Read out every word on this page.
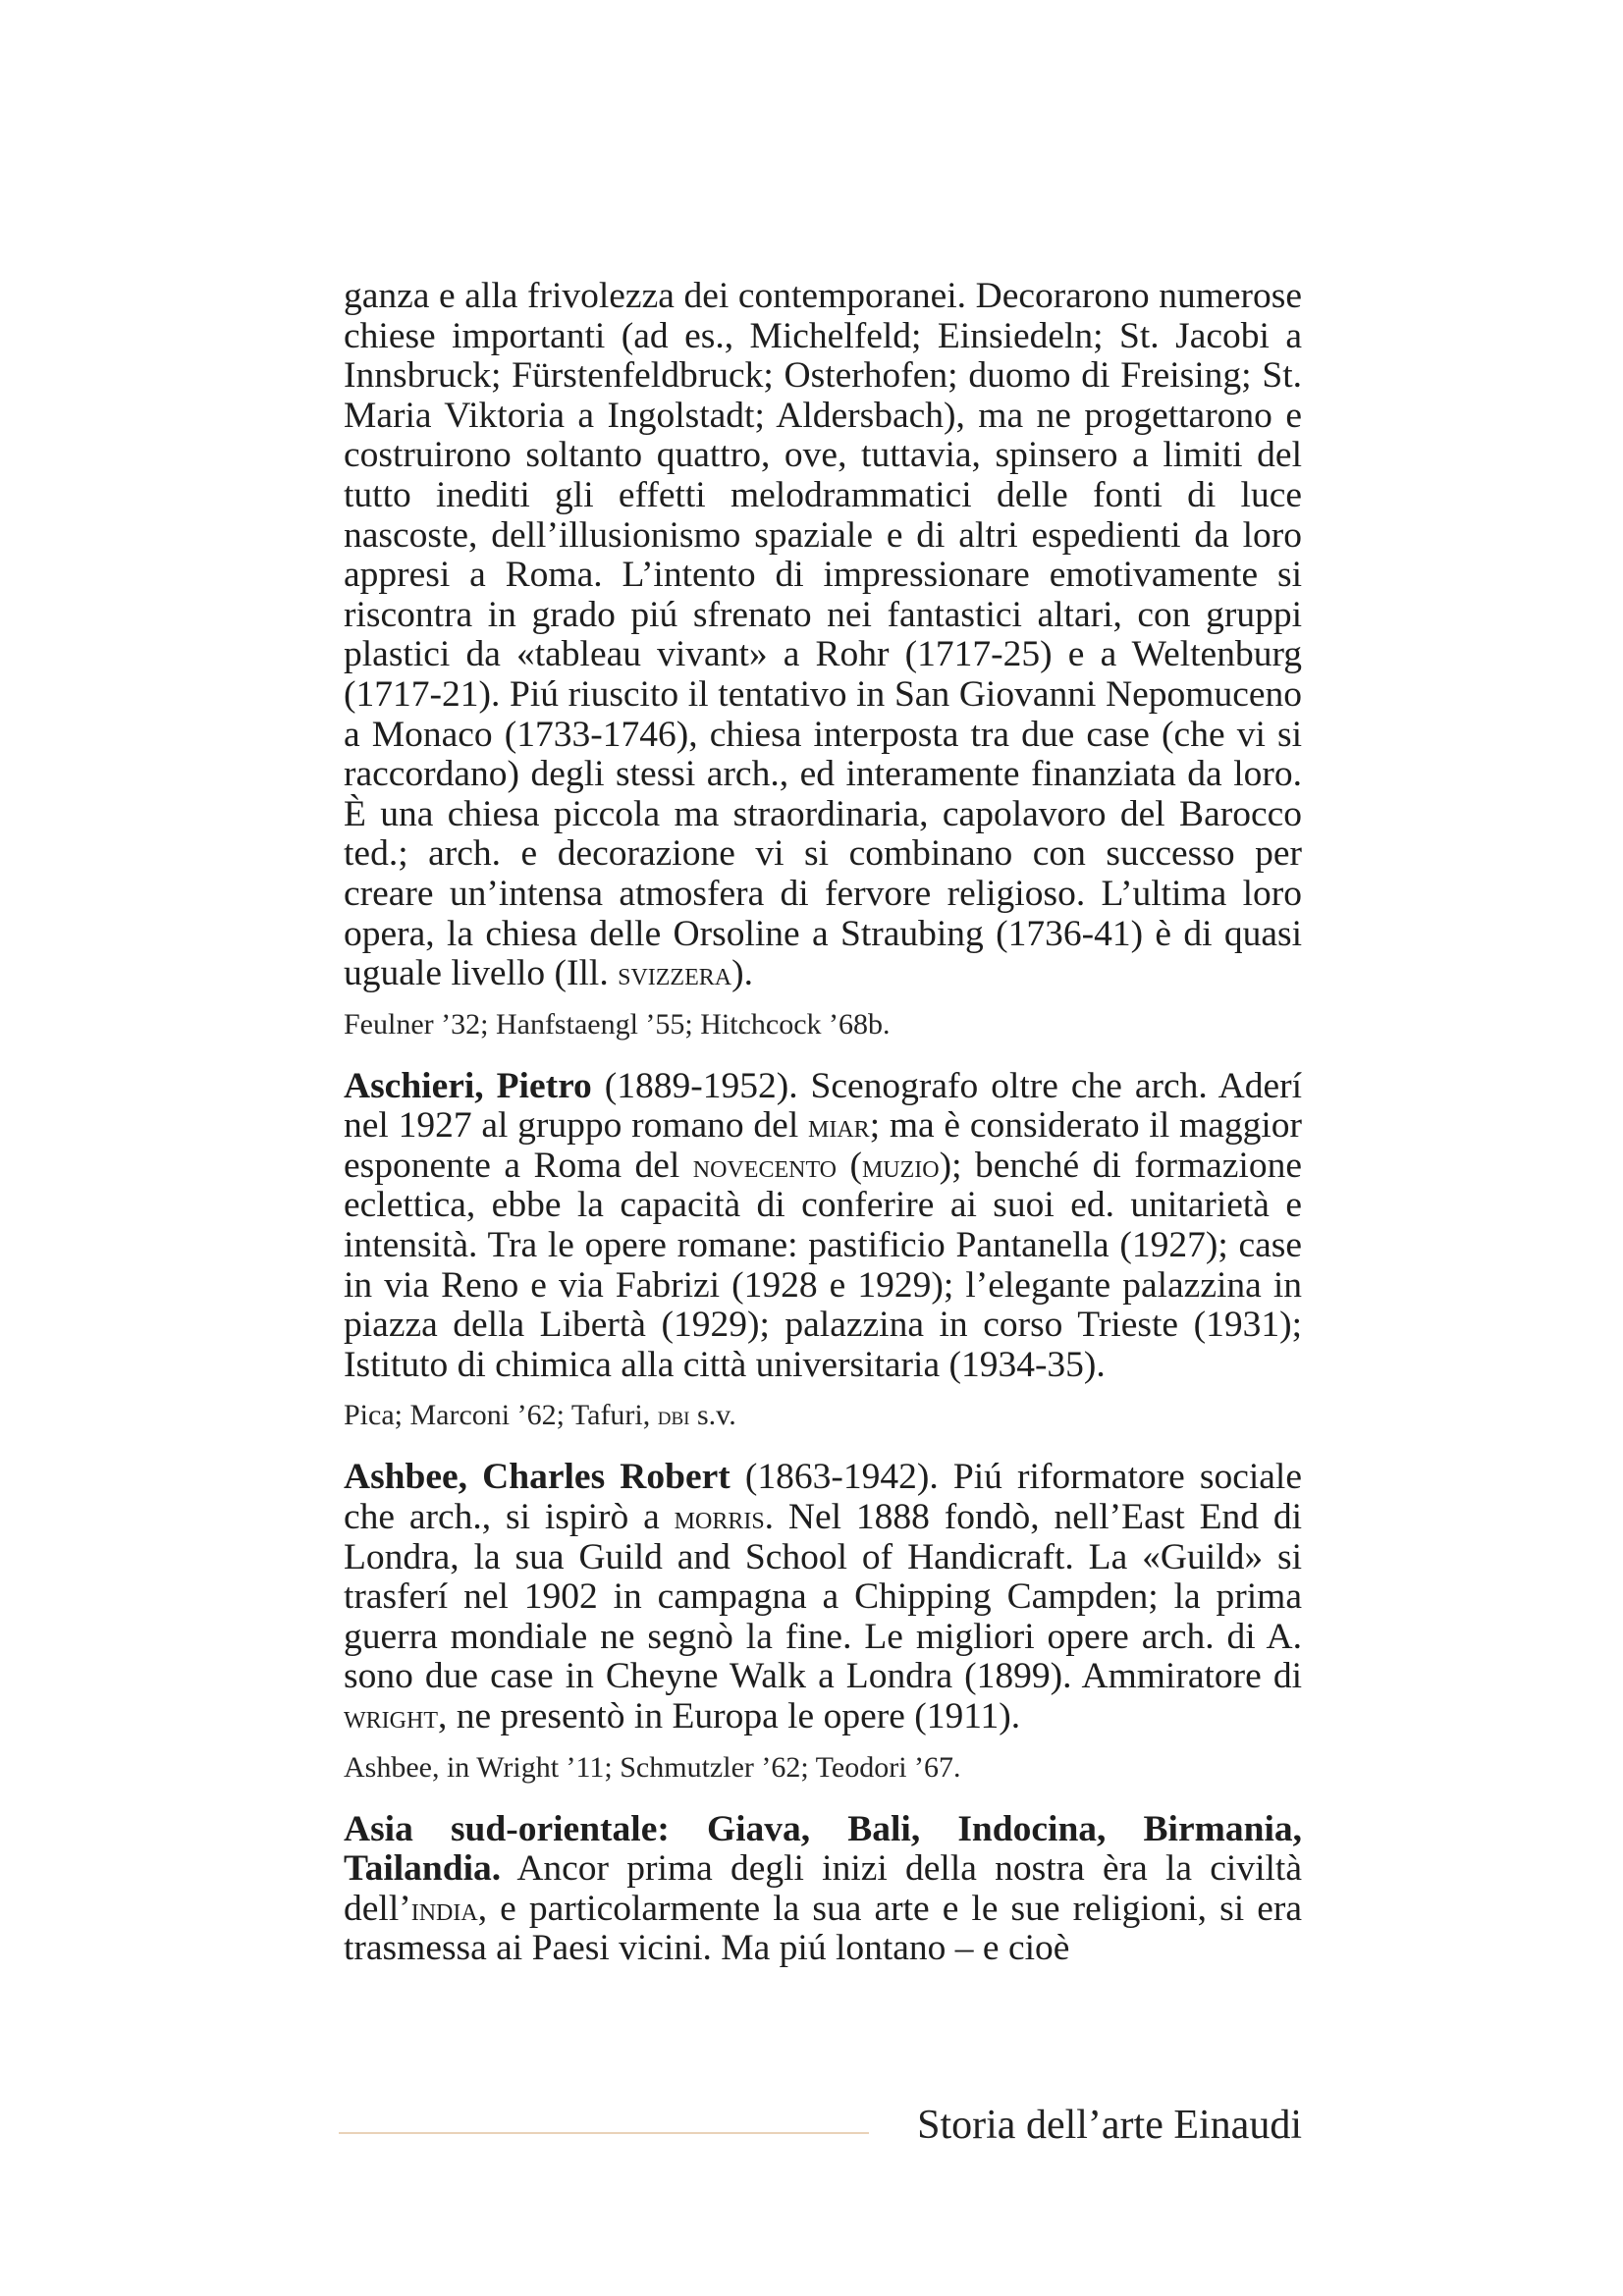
ganza e alla frivolezza dei contemporanei. Decorarono numerose chiese importanti (ad es., Michelfeld; Einsiedeln; St. Jacobi a Innsbruck; Fürstenfeldbruck; Osterhofen; duomo di Freising; St. Maria Viktoria a Ingolstadt; Aldersbach), ma ne progettarono e costruirono soltanto quattro, ove, tuttavia, spinsero a limiti del tutto inediti gli effetti melodrammatici delle fonti di luce nascoste, dell’illusionismo spaziale e di altri espedienti da loro appresi a Roma. L’intento di impressionare emotivamente si riscontra in grado piú sfrenato nei fantastici altari, con gruppi plastici da «tableau vivant» a Rohr (1717-25) e a Weltenburg (1717-21). Piú riuscito il tentativo in San Giovanni Nepomuceno a Monaco (1733-1746), chiesa interposta tra due case (che vi si raccordano) degli stessi arch., ed interamente finanziata da loro. È una chiesa piccola ma straordinaria, capolavoro del Barocco ted.; arch. e decorazione vi si combinano con successo per creare un’intensa atmosfera di fervore religioso. L’ultima loro opera, la chiesa delle Orsoline a Straubing (1736-41) è di quasi uguale livello (Ill. svizzera).

Feulner ’32; Hanfstaengl ’55; Hitchcock ’68b.

Aschieri, Pietro (1889-1952). Scenografo oltre che arch. Aderí nel 1927 al gruppo romano del miar; ma è considerato il maggior esponente a Roma del novecento (muzio); benché di formazione eclettica, ebbe la capacità di conferire ai suoi ed. unitarietà e intensità. Tra le opere romane: pastificio Pantanella (1927); case in via Reno e via Fabrizi (1928 e 1929); l’elegante palazzina in piazza della Libertà (1929); palazzina in corso Trieste (1931); Istituto di chimica alla città universitaria (1934-35).

Pica; Marconi ’62; Tafuri, dbi s.v.

Ashbee, Charles Robert (1863-1942). Piú riformatore sociale che arch., si ispirò a morris. Nel 1888 fondò, nell’East End di Londra, la sua Guild and School of Handicraft. La «Guild» si trasferí nel 1902 in campagna a Chipping Campden; la prima guerra mondiale ne segnò la fine. Le migliori opere arch. di A. sono due case in Cheyne Walk a Londra (1899). Ammiratore di wright, ne presentò in Europa le opere (1911).

Ashbee, in Wright ’11; Schmutzler ’62; Teodori ’67.

Asia sud-orientale: Giava, Bali, Indocina, Birmania, Tailandia. Ancor prima degli inizi della nostra èra la civiltà dell’india, e particolarmente la sua arte e le sue religioni, si era trasmessa ai Paesi vicini. Ma piú lontano – e cioè

Storia dell’arte Einaudi
